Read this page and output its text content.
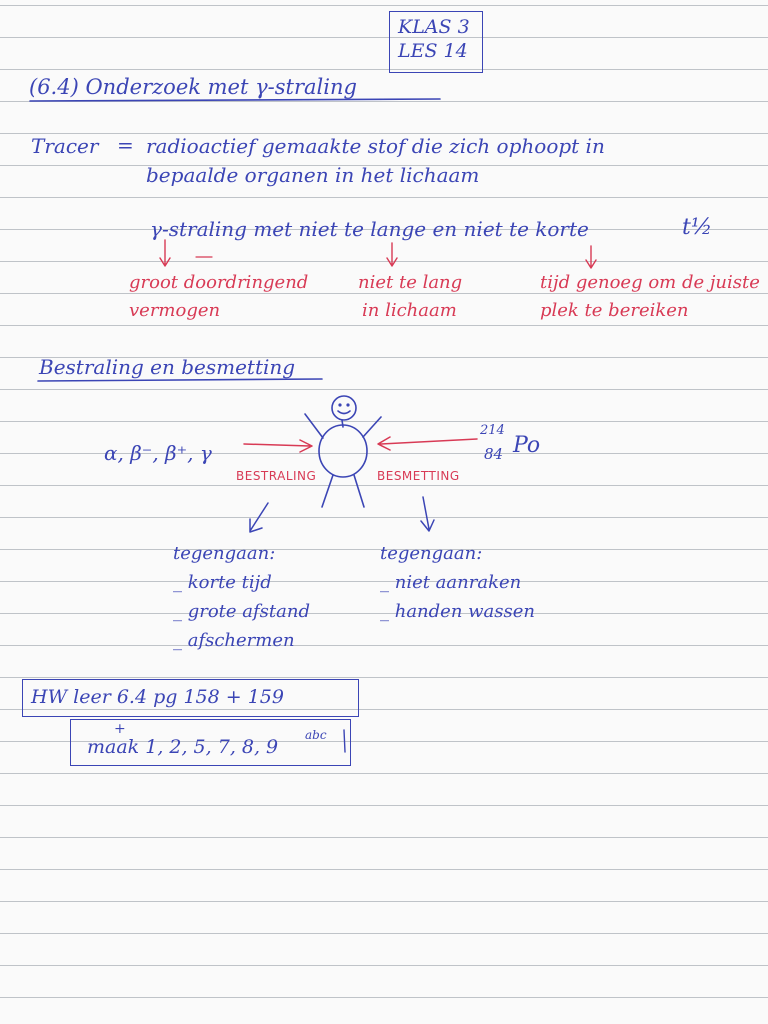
KLAS 3
LES 14
(6.4) Onderzoek met γ-straling
Tracer = radioactief gemaakte stof die zich ophoopt in
bepaalde organen in het lichaam
γ-straling met niet te lange en niet te korte	t½
groot doordringend
vermogen
niet te lang
in lichaam
tijd genoeg om de juiste
plek te bereiken
Bestraling en besmetting
α, β⁻, β⁺, γ
214
84 Po
BESTRALING	BESMETTING
tegengaan:
_ korte tijd
_ grote afstand
_ afschermen
tegengaan:
_ niet aanraken
_ handen wassen
HW leer 6.4 pg 158 + 159
+
maak 1, 2, 5, 7, 8, 9
abc
